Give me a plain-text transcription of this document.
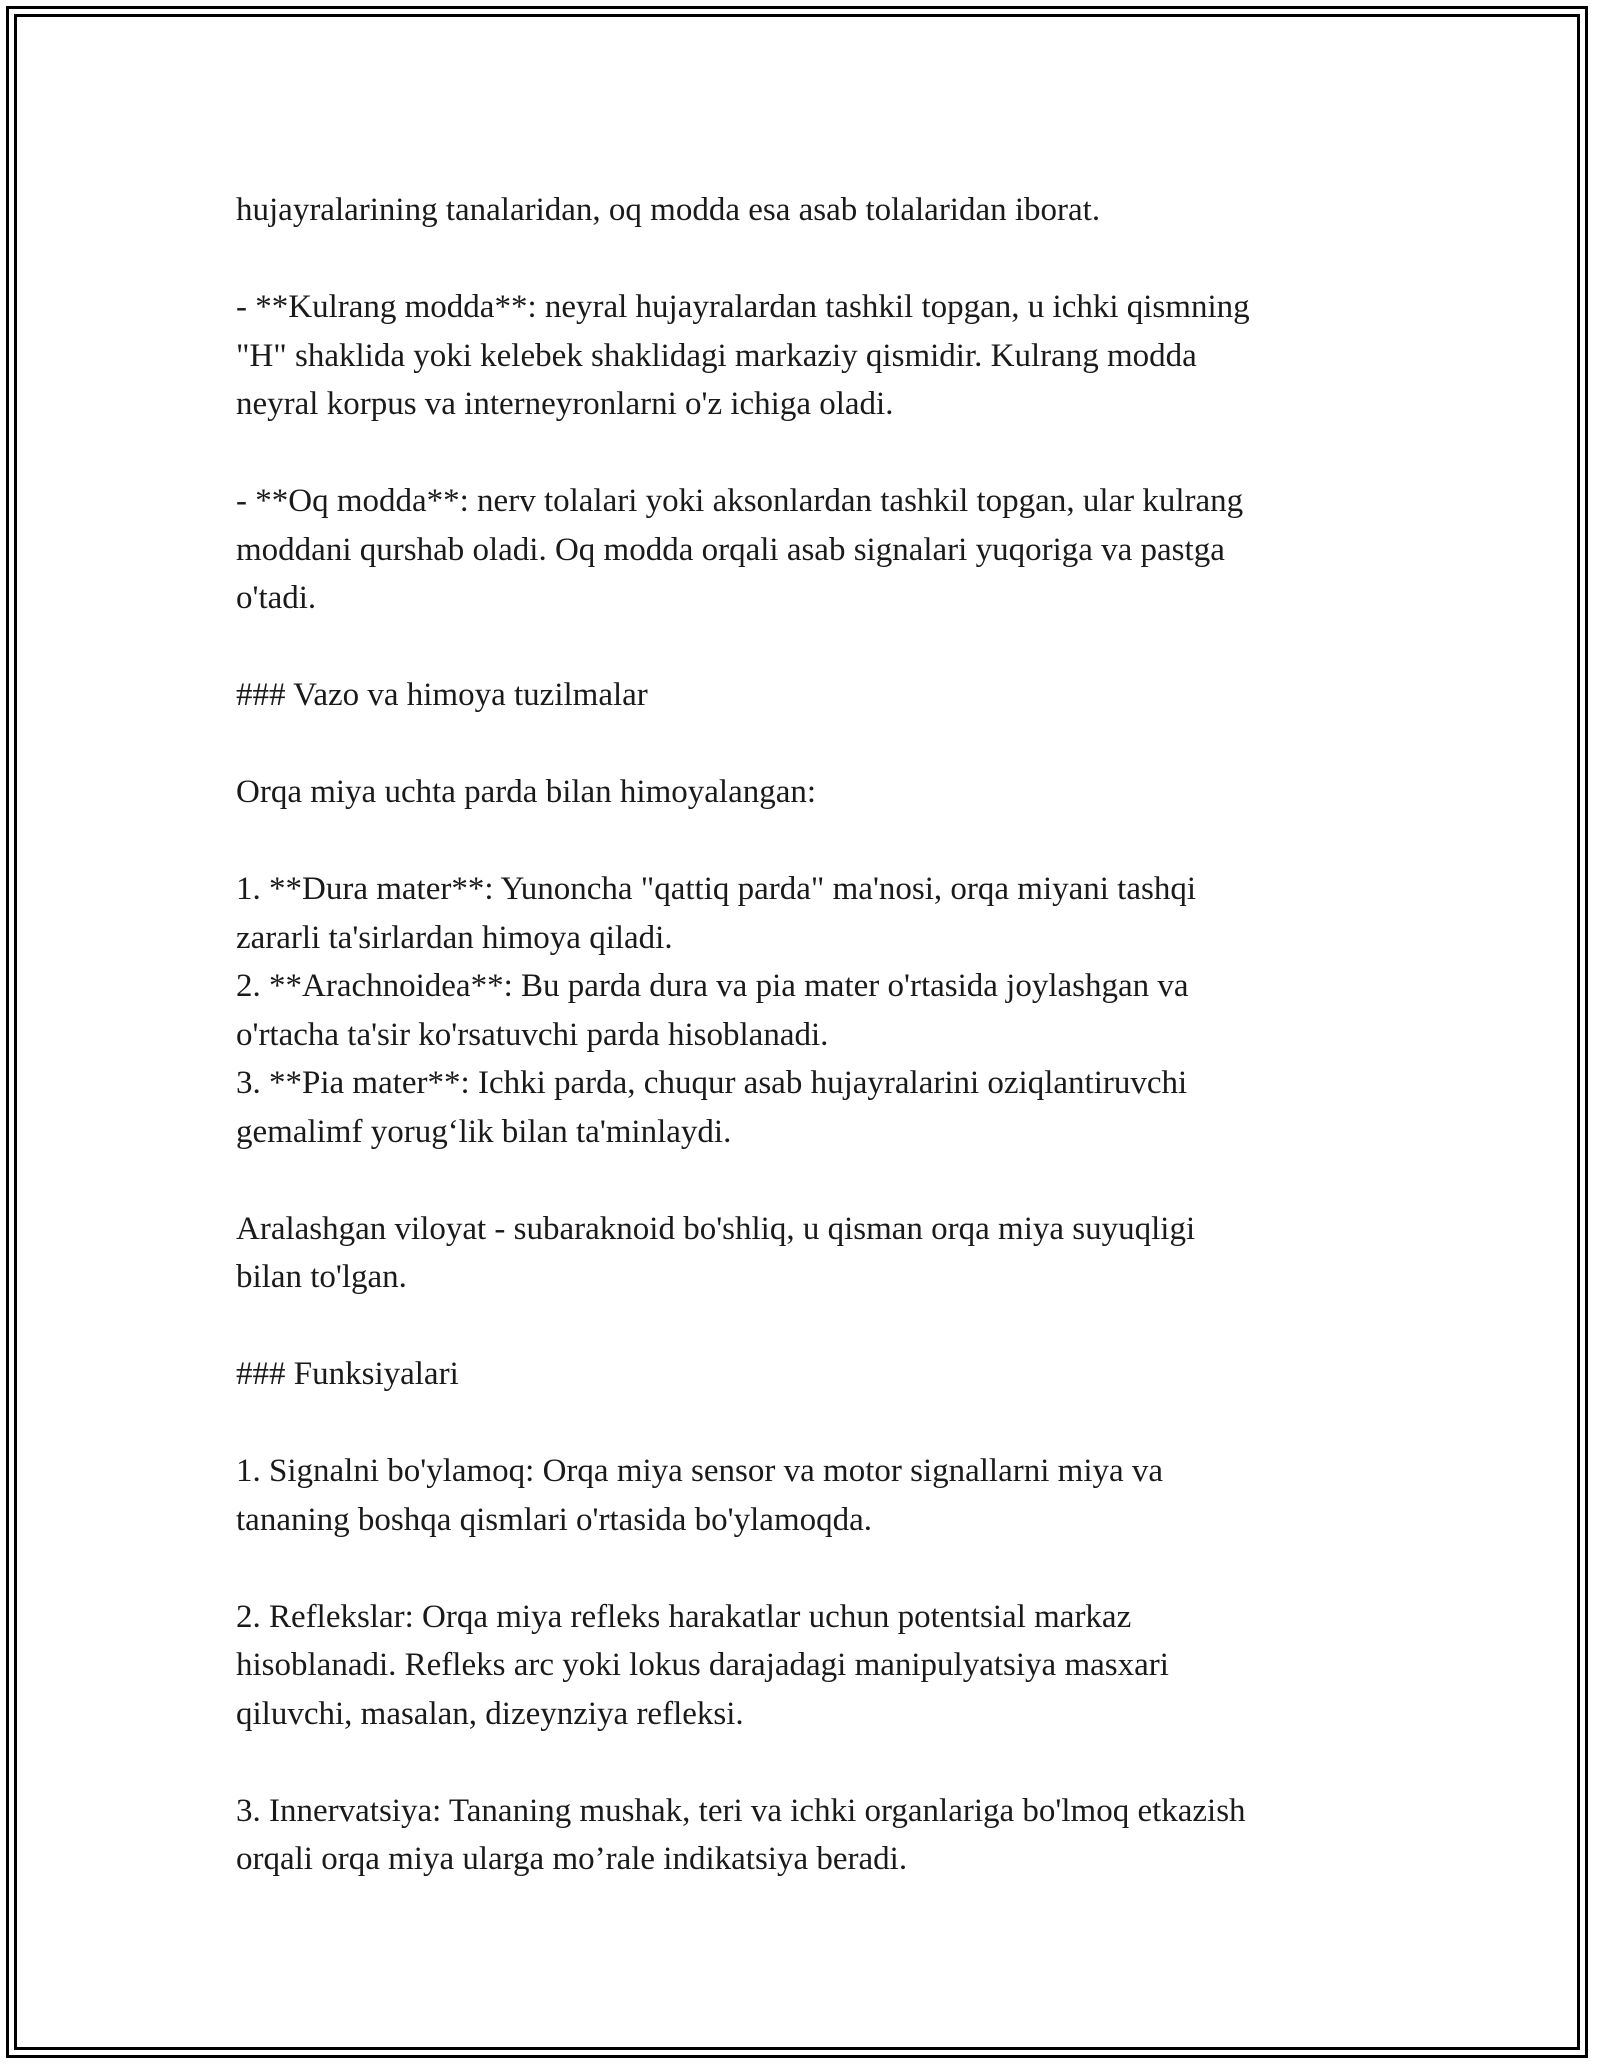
hujayralarining tanalaridan, oq modda esa asab tolalaridan iborat.

- **Kulrang modda**: neyral hujayralardan tashkil topgan, u ichki qismning

"H" shaklida yoki kelebek shaklidagi markaziy qismidir. Kulrang modda

neyral korpus va interneyronlarni o'z ichiga oladi.

- **Oq modda**: nerv tolalari yoki aksonlardan tashkil topgan, ular kulrang

moddani qurshab oladi. Oq modda orqali asab signalari yuqoriga va pastga

o'tadi.

### Vazo va himoya tuzilmalar

Orqa miya uchta parda bilan himoyalangan:

1. **Dura mater**: Yunoncha "qattiq parda" ma'nosi, orqa miyani tashqi

zararli ta'sirlardan himoya qiladi.

2. **Arachnoidea**: Bu parda dura va pia mater o'rtasida joylashgan va

o'rtacha ta'sir ko'rsatuvchi parda hisoblanadi.

3. **Pia mater**: Ichki parda, chuqur asab hujayralarini oziqlantiruvchi

gemalimf yorug‘lik bilan ta'minlaydi.

Aralashgan viloyat - subaraknoid bo'shliq, u qisman orqa miya suyuqligi

bilan to'lgan.

### Funksiyalari

1. Signalni bo'ylamoq: Orqa miya sensor va motor signallarni miya va

tananing boshqa qismlari o'rtasida bo'ylamoqda.

2. Reflekslar: Orqa miya refleks harakatlar uchun potentsial markaz

hisoblanadi. Refleks arc yoki lokus darajadagi manipulyatsiya masxari

qiluvchi, masalan, dizeynziya refleksi.

3. Innervatsiya: Tananing mushak, teri va ichki organlariga bo'lmoq etkazish

orqali orqa miya ularga mo’rale indikatsiya beradi.
